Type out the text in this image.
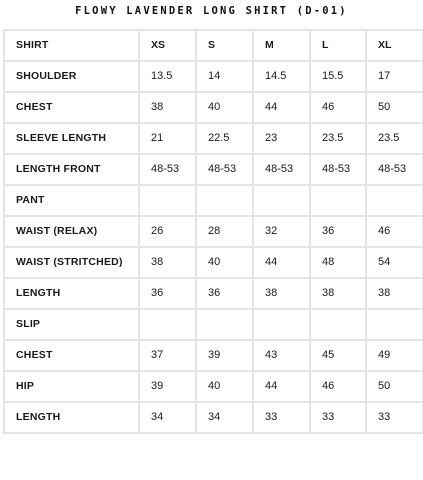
FLOWY LAVENDER LONG SHIRT (D-01)
SHIRT	XS	S	M	L	XL
SHOULDER	13.5	14	14.5	15.5	17
CHEST	38	40	44	46	50
SLEEVE LENGTH	21	22.5	23	23.5	23.5
LENGTH FRONT	48-53	48-53	48-53	48-53	48-53
PANT					
WAIST (RELAX)	26	28	32	36	46
WAIST (STRITCHED)	38	40	44	48	54
LENGTH	36	36	38	38	38
SLIP					
CHEST	37	39	43	45	49
HIP	39	40	44	46	50
LENGTH	34	34	33	33	33
